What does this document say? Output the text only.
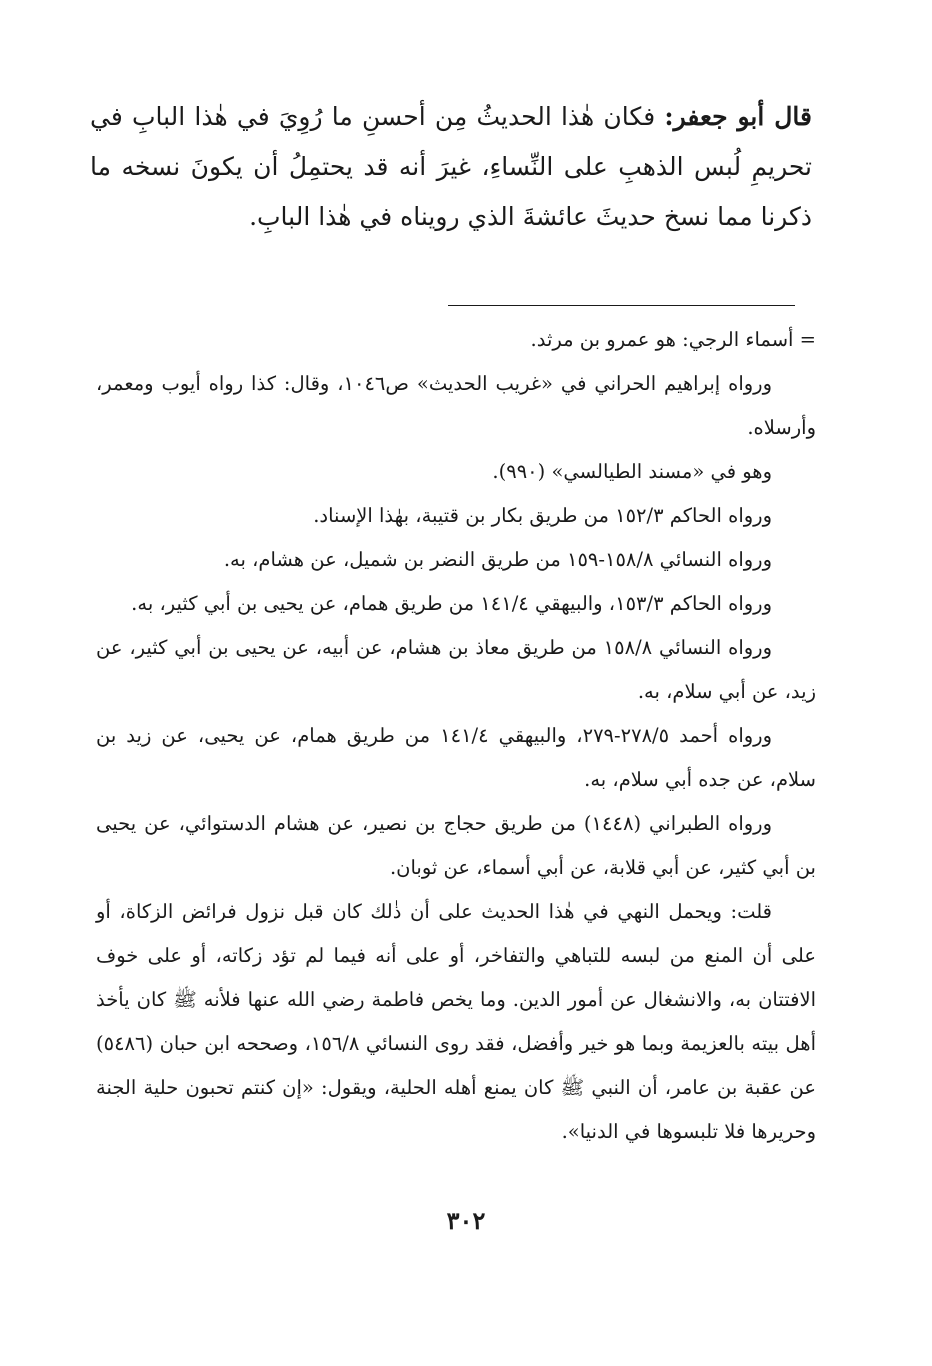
قال أبو جعفر: فكان هٰذا الحديثُ مِن أحسنِ ما رُوِيَ في هٰذا البابِ في تحريمِ لُبس الذهبِ على النِّساءِ، غيرَ أنه قد يحتمِلُ أن يكونَ نسخه ما ذكرنا مما نسخ حديثَ عائشةَ الذي رويناه في هٰذا البابِ.

= أسماء الرجي: هو عمرو بن مرثد.

ورواه إبراهيم الحراني في «غريب الحديث» ص١٠٤٦، وقال: كذا رواه أيوب ومعمر، وأرسلاه.

وهو في «مسند الطيالسي» (٩٩٠).

ورواه الحاكم ١٥٢/٣ من طريق بكار بن قتيبة، بهٰذا الإسناد.

ورواه النسائي ١٥٨/٨-١٥٩ من طريق النضر بن شميل، عن هشام، به.

ورواه الحاكم ١٥٣/٣، والبيهقي ١٤١/٤ من طريق همام، عن يحيى بن أبي كثير، به.

ورواه النسائي ١٥٨/٨ من طريق معاذ بن هشام، عن أبيه، عن يحيى بن أبي كثير، عن زيد، عن أبي سلام، به.

ورواه أحمد ٢٧٨/٥-٢٧٩، والبيهقي ١٤١/٤ من طريق همام، عن يحيى، عن زيد بن سلام، عن جده أبي سلام، به.

ورواه الطبراني (١٤٤٨) من طريق حجاج بن نصير، عن هشام الدستوائي، عن يحيى بن أبي كثير، عن أبي قلابة، عن أبي أسماء، عن ثوبان.

قلت: ويحمل النهي في هٰذا الحديث على أن ذٰلك كان قبل نزول فرائض الزكاة، أو على أن المنع من لبسه للتباهي والتفاخر، أو على أنه فيما لم تؤد زكاته، أو على خوف الافتتان به، والانشغال عن أمور الدين. وما يخص فاطمة رضي الله عنها فلأنه ﷺ كان يأخذ أهل بيته بالعزيمة وبما هو خير وأفضل، فقد روى النسائي ١٥٦/٨، وصححه ابن حبان (٥٤٨٦) عن عقبة بن عامر، أن النبي ﷺ كان يمنع أهله الحلية، ويقول: «إن كنتم تحبون حلية الجنة وحريرها فلا تلبسوها في الدنيا».

٣٠٢
